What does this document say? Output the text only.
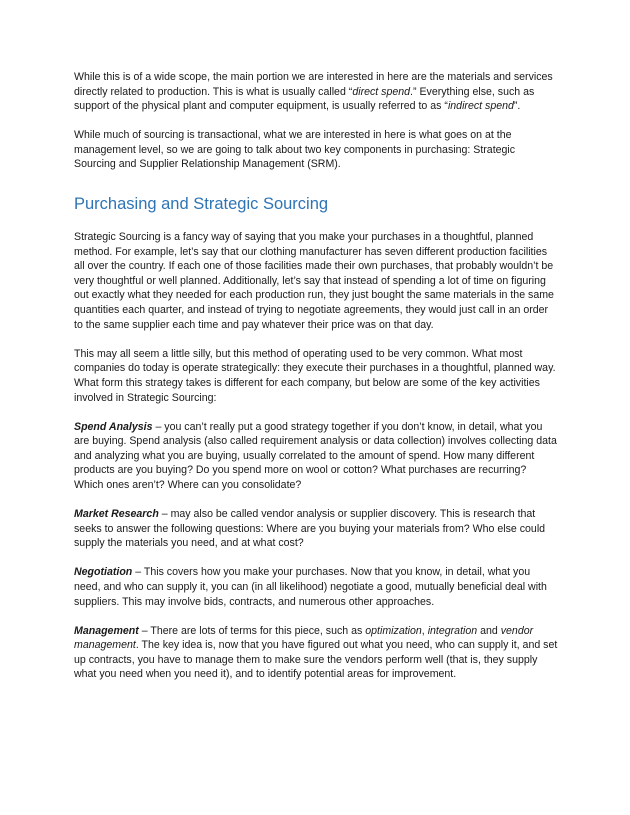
While this is of a wide scope, the main portion we are interested in here are the materials and services directly related to production. This is what is usually called “direct spend.” Everything else, such as support of the physical plant and computer equipment, is usually referred to as “indirect spend”.

While much of sourcing is transactional, what we are interested in here is what goes on at the management level, so we are going to talk about two key components in purchasing: Strategic Sourcing and Supplier Relationship Management (SRM).

Purchasing and Strategic Sourcing

Strategic Sourcing is a fancy way of saying that you make your purchases in a thoughtful, planned method. For example, let’s say that our clothing manufacturer has seven different production facilities all over the country. If each one of those facilities made their own purchases, that probably wouldn’t be very thoughtful or well planned. Additionally, let’s say that instead of spending a lot of time on figuring out exactly what they needed for each production run, they just bought the same materials in the same quantities each quarter, and instead of trying to negotiate agreements, they would just call in an order to the same supplier each time and pay whatever their price was on that day.

This may all seem a little silly, but this method of operating used to be very common. What most companies do today is operate strategically: they execute their purchases in a thoughtful, planned way. What form this strategy takes is different for each company, but below are some of the key activities involved in Strategic Sourcing:

Spend Analysis – you can’t really put a good strategy together if you don’t know, in detail, what you are buying. Spend analysis (also called requirement analysis or data collection) involves collecting data and analyzing what you are buying, usually correlated to the amount of spend. How many different products are you buying? Do you spend more on wool or cotton? What purchases are recurring? Which ones aren’t? Where can you consolidate?

Market Research – may also be called vendor analysis or supplier discovery. This is research that seeks to answer the following questions: Where are you buying your materials from? Who else could supply the materials you need, and at what cost?

Negotiation – This covers how you make your purchases. Now that you know, in detail, what you need, and who can supply it, you can (in all likelihood) negotiate a good, mutually beneficial deal with suppliers. This may involve bids, contracts, and numerous other approaches.

Management – There are lots of terms for this piece, such as optimization, integration and vendor management. The key idea is, now that you have figured out what you need, who can supply it, and set up contracts, you have to manage them to make sure the vendors perform well (that is, they supply what you need when you need it), and to identify potential areas for improvement.
